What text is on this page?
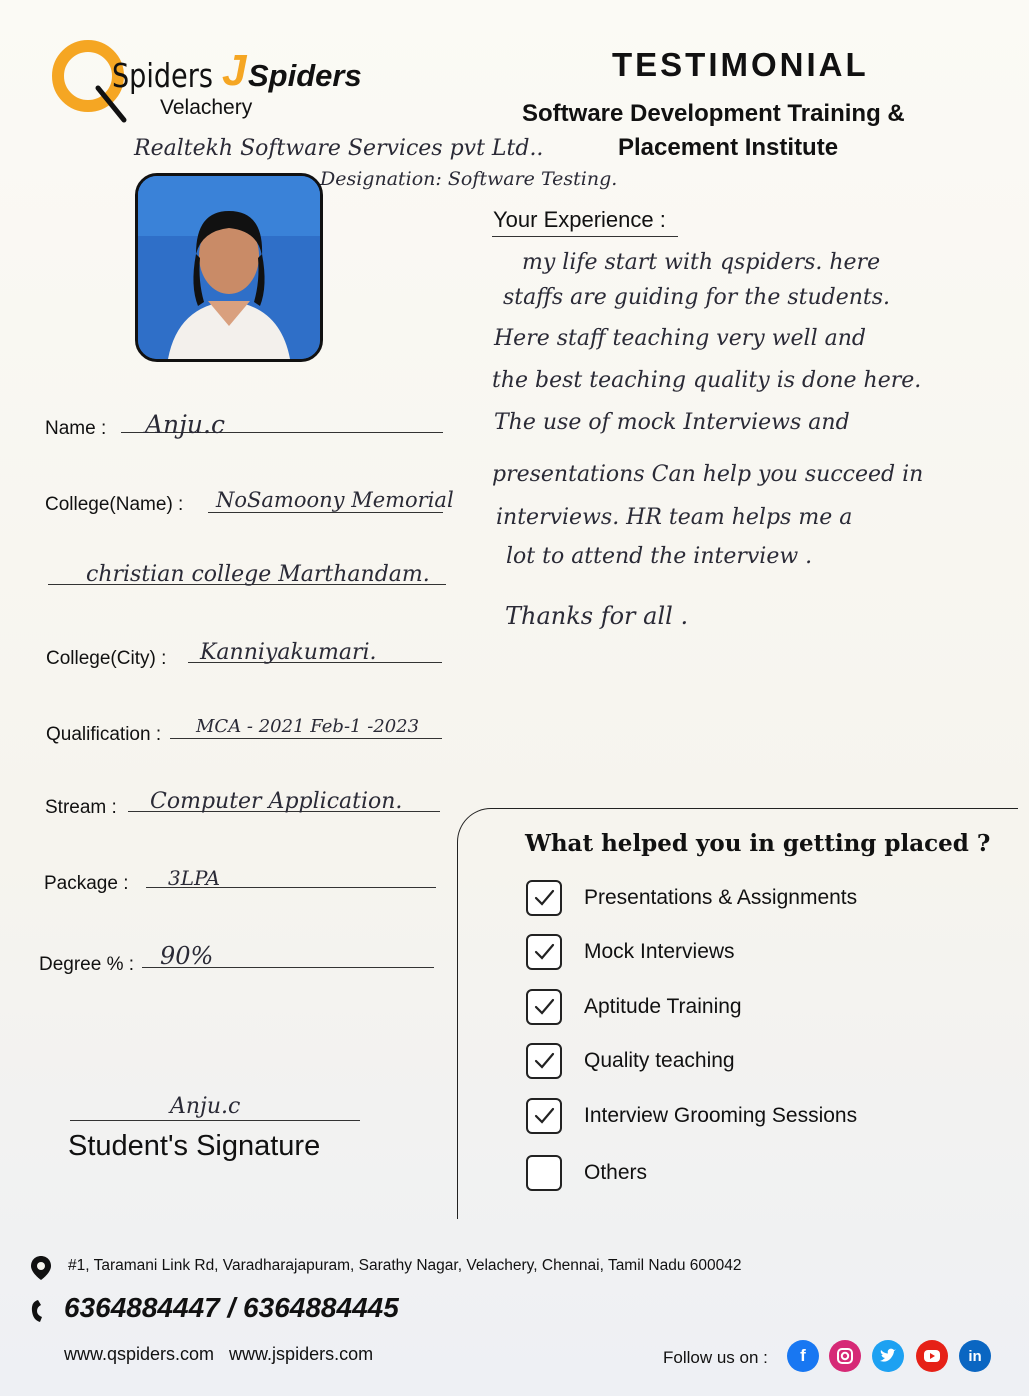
Spiders J Spiders
Velachery
TESTIMONIAL
Software Development Training &
Placement Institute
Realtekh Software Services pvt Ltd..
Designation: Software Testing.
Name : Anju.c
College(Name) : NoSamoony Memorial
christian college Marthandam.
College(City) : Kanniyakumari.
Qualification : MCA - 2021 Feb-1 -2023
Stream : Computer Application.
Package : 3LPA
Degree % : 90%
Your Experience :
my life start with qspiders. here
staffs are guiding for the students.
Here staff teaching very well and
the best teaching quality is done here.
The use of mock Interviews and
presentations Can help you succeed in
interviews. HR team helps me a
lot to attend the interview .
Thanks for all .
What helped you in getting placed ?
Presentations & Assignments
Mock Interviews
Aptitude Training
Quality teaching
Interview Grooming Sessions
Others
Anju.c
Student's Signature
#1, Taramani Link Rd, Varadharajapuram, Sarathy Nagar, Velachery, Chennai, Tamil Nadu 600042
6364884447 / 6364884445
www.qspiders.com   www.jspiders.com	Follow us on :	f	in
